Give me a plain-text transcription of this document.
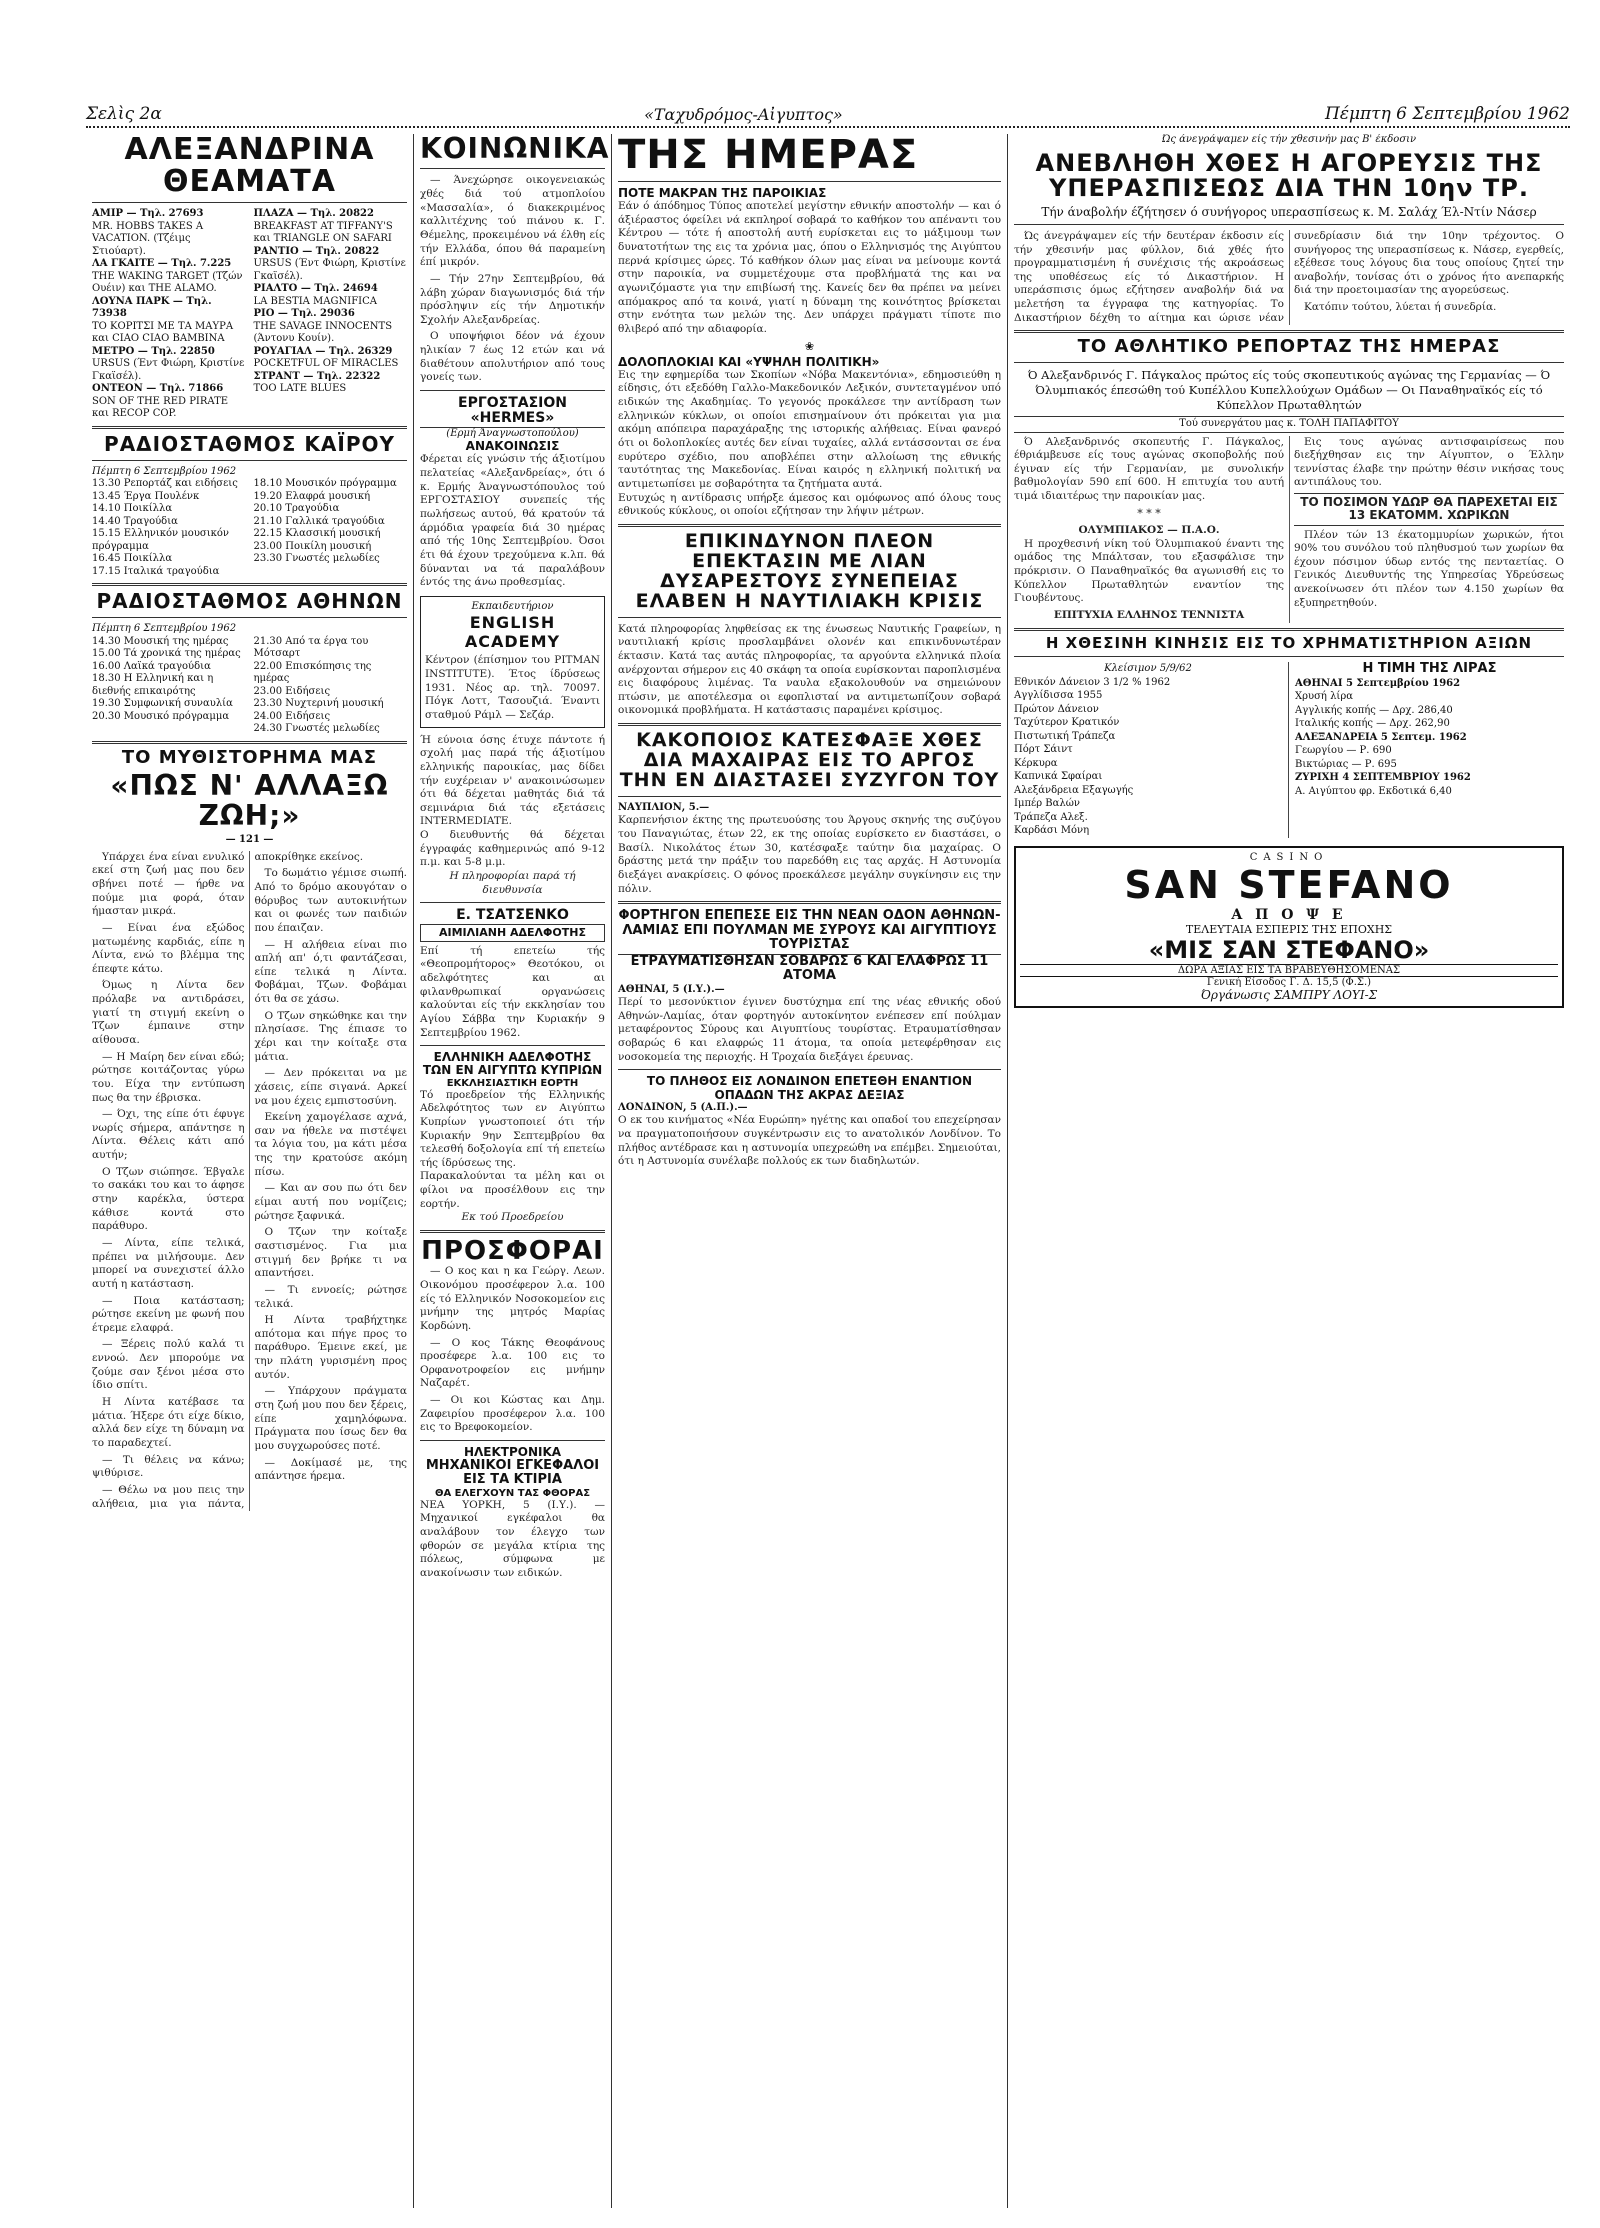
Σελὶς 2α	«Ταχυδρόμος-Αἰγυπτος»	Πέμπτη 6 Σεπτεμβρίου 1962
ΑΛΕΞΑΝΔΡΙΝΑ ΘΕΑΜΑΤΑ
ΑΜΙΡ — Τηλ. 27693
MR. HOBBS TAKES A VACATION. (Τζέιμς Στιούαρτ).
ΛΑ ΓΚΑΙΤΕ — Τηλ. 7.225
THE WAKING TARGET (Τζών Ουέιν) και THE ALAMO.
ΛΟΥΝΑ ΠΑΡΚ — Τηλ. 73938
ΤΟ ΚΟΡΙΤΣΙ ΜΕ ΤΑ ΜΑΥΡΑ και CIAO CIAO BAMBINA
ΜΕΤΡΟ — Τηλ. 22850
URSUS (Έντ Φιώρη, Κριστίνε Γκαϊσέλ).
ΟΝΤΕΟΝ — Τηλ. 71866
SON OF THE RED PIRATE και RECOP COP.
ΠΛΑΖΑ — Τηλ. 20822
BREAKFAST AT TIFFANY'S και TRIANGLE ON SAFARI
ΡΑΝΤΙΟ — Τηλ. 20822
URSUS (Έντ Φιώρη, Κριστίνε Γκαϊσέλ).
ΡΙΑΛΤΟ — Τηλ. 24694
LA BESTIA MAGNIFICA
ΡΙΟ — Τηλ. 29036
THE SAVAGE INNOCENTS (Άντονυ Κουίν).
ΡΟΥΑΓΙΑΛ — Τηλ. 26329
POCKETFUL OF MIRACLES
ΣΤΡΑΝΤ — Τηλ. 22322
TOO LATE BLUES
ΡΑΔΙΟΣΤΑΘΜΟΣ ΚΑΪΡΟΥ
Πέμπτη 6 Σεπτεμβρίου 1962
13.30 Ρεπορτάζ και ειδήσεις
13.45 Έργα Πουλένκ
14.10 Ποικίλλα
14.40 Τραγούδια
15.15 Ελληνικόν μουσικόν πρόγραμμα
16.45 Ποικίλλα
17.15 Ιταλικά τραγούδια
18.10 Μουσικόν πρόγραμμα
19.20 Ελαφρά μουσική
20.10 Τραγούδια
21.10 Γαλλικά τραγούδια
22.15 Κλασσική μουσική
23.00 Ποικίλη μουσική
23.30 Γνωστές μελωδίες
ΡΑΔΙΟΣΤΑΘΜΟΣ ΑΘΗΝΩΝ
Πέμπτη 6 Σεπτεμβρίου 1962
14.30 Μουσική της ημέρας
15.00 Τά χρονικά της ημέρας
16.00 Λαϊκά τραγούδια
18.30 Η Ελληνική και η διεθνής επικαιρότης
19.30 Συμφωνική συναυλία
20.30 Μουσικό πρόγραμμα
21.30 Από τα έργα του Μότσαρτ
22.00 Επισκόπησις της ημέρας
23.00 Ειδήσεις
23.30 Νυχτερινή μουσική
24.00 Ειδήσεις
24.30 Γνωστές μελωδίες
ΤΟ ΜΥΘΙΣΤΟΡΗΜΑ ΜΑΣ
«ΠΩΣ Ν' ΑΛΛΑΞΩ ΖΩΗ;»
— 121 —

Υπάρχει ένα είναι ενυλικό εκεί στη ζωή μας που δεν σβήνει ποτέ — ήρθε να πούμε μια φορά, όταν ήμασταν μικρά.

— Είναι ένα εξώδος ματωμένης καρδιάς, είπε η Λίντα, ενώ το βλέμμα της έπεφτε κάτω.

Όμως η Λίντα δεν πρόλαβε να αντιδράσει, γιατί τη στιγμή εκείνη ο Τζων έμπαινε στην αίθουσα.

— Η Μαίρη δεν είναι εδώ; ρώτησε κοιτάζοντας γύρω του. Είχα την εντύπωση πως θα την έβρισκα.

— Όχι, της είπε ότι έφυγε νωρίς σήμερα, απάντησε η Λίντα. Θέλεις κάτι από αυτήν;

Ο Τζων σιώπησε. Έβγαλε το σακάκι του και το άφησε στην καρέκλα, ύστερα κάθισε κοντά στο παράθυρο.

— Λίντα, είπε τελικά, πρέπει να μιλήσουμε. Δεν μπορεί να συνεχιστεί άλλο αυτή η κατάσταση.

— Ποια κατάσταση; ρώτησε εκείνη με φωνή που έτρεμε ελαφρά.

— Ξέρεις πολύ καλά τι εννοώ. Δεν μπορούμε να ζούμε σαν ξένοι μέσα στο ίδιο σπίτι.

Η Λίντα κατέβασε τα μάτια. Ήξερε ότι είχε δίκιο, αλλά δεν είχε τη δύναμη να το παραδεχτεί.

— Τι θέλεις να κάνω; ψιθύρισε.

— Θέλω να μου πεις την αλήθεια, μια για πάντα, αποκρίθηκε εκείνος.

Το δωμάτιο γέμισε σιωπή. Από το δρόμο ακουγόταν ο θόρυβος των αυτοκινήτων και οι φωνές των παιδιών που έπαιζαν.

— Η αλήθεια είναι πιο απλή απ' ό,τι φαντάζεσαι, είπε τελικά η Λίντα. Φοβάμαι, Τζων. Φοβάμαι ότι θα σε χάσω.

Ο Τζων σηκώθηκε και την πλησίασε. Της έπιασε το χέρι και την κοίταξε στα μάτια.

— Δεν πρόκειται να με χάσεις, είπε σιγανά. Αρκεί να μου έχεις εμπιστοσύνη.

Εκείνη χαμογέλασε αχνά, σαν να ήθελε να πιστέψει τα λόγια του, μα κάτι μέσα της την κρατούσε ακόμη πίσω.

— Και αν σου πω ότι δεν είμαι αυτή που νομίζεις; ρώτησε ξαφνικά.

Ο Τζων την κοίταξε σαστισμένος. Για μια στιγμή δεν βρήκε τι να απαντήσει.

— Τι εννοείς; ρώτησε τελικά.

Η Λίντα τραβήχτηκε απότομα και πήγε προς το παράθυρο. Έμεινε εκεί, με την πλάτη γυρισμένη προς αυτόν.

— Υπάρχουν πράγματα στη ζωή μου που δεν ξέρεις, είπε χαμηλόφωνα. Πράγματα που ίσως δεν θα μου συγχωρούσες ποτέ.

— Δοκίμασέ με, της απάντησε ήρεμα.

ΚΟΙΝΩΝΙΚΑ

— Άνεχώρησε οικογενειακώς χθές διά τού ατμοπλοίου «Μασσαλία», ό διακεκριμένος καλλιτέχνης τού πιάνου κ. Γ. Θέμελης, προκειμένου νά έλθη είς τήν Ελλάδα, όπου θά παραμείνη έπί μικρόν.

— Τήν 27ην Σεπτεμβρίου, θά λάβη χώραν διαγωνισμός διά τήν πρόσληψιν είς τήν Δημοτικήν Σχολήν Αλεξανδρείας.

Ο υποψήφιοι δέον νά έχουν ηλικίαν 7 έως 12 ετών και νά διαθέτουν απολυτήριον από τους γονείς των.

ΕΡΓΟΣΤΑΣΙΟΝ «HERMES»
(Ερμή Άναγνωστοπούλου)
ΑΝΑΚΟΙΝΩΣΙΣ
Φέρεται είς γνώσιν τής άξιοτίμου πελατείας «Αλεξανδρείας», ότι ό κ. Ερμής Άναγνωστόπουλος τού ΕΡΓΟΣΤΑΣΙΟΥ συνεπείς τής πωλήσεως αυτού, θά κρατούν τά άρμόδια γραφεία διά 30 ημέρας από τής 10ης Σεπτεμβρίου. Όσοι έτι θά έχουν τρεχούμενα κ.λπ. θά δύνανται να τά παραλάβουν έντός της άνω προθεσμίας.
Εκπαιδευτήριον
ENGLISH ACADEMY
Κέντρον (έπίσημον του PITMAN INSTITUTE). Έτος ίδρύσεως 1931. Νέος αρ. τηλ. 70097. Πόγκ Λοττ, Τασουζιά. Έναντι σταθμού Ράμλ — Σεζάρ.
Ή εύνοια όσης έτυχε πάντοτε ή σχολή μας παρά τής άξιοτίμου ελληνικής παροικίας, μας δίδει τήν ευχέρειαν ν' ανακοινώσωμεν ότι θά δέχεται μαθητάς διά τά σεμινάρια διά τάς εξετάσεις INTERMEDIATE.
Ο διευθυντής θά δέχεται έγγραφάς καθημερινώς από 9-12 π.μ. και 5-8 μ.μ.
Η πληροφορίαι παρά τή διευθυνσία
Ε. ΤΣΑΤΣΕΝΚΟ
ΑΙΜΙΛΙΑΝΗ ΑΔΕΛΦΟΤΗΣ
Επί τή επετείω τής «Θεοπρομήτορος» Θεοτόκου, οι αδελφότητες και αι φιλανθρωπικαί οργανώσεις καλούνται είς τήν εκκλησίαν του Αγίου Σάββα την Κυριακήν 9 Σεπτεμβρίου 1962.
ΕΛΛΗΝΙΚΗ ΑΔΕΛΦΟΤΗΣ ΤΩΝ ΕΝ ΑΙΓΥΠΤΩ ΚΥΠΡΙΩΝ
ΕΚΚΛΗΣΙΑΣΤΙΚΗ ΕΟΡΤΗ
Τό προεδρείον τής Ελληνικής Αδελφότητος των εν Αιγύπτω Κυπρίων γνωστοποιεί ότι τήν Κυριακήν 9ην Σεπτεμβρίου θα τελεσθή δοξολογία επί τή επετείω τής ίδρύσεως της.
Παρακαλούνται τα μέλη και οι φίλοι να προσέλθουν εις την εορτήν.
Εκ τού Προεδρείου
ΠΡΟΣΦΟΡΑΙ

— Ο κος και η κα Γεώργ. Λεων. Οικονόμου προσέφερον λ.α. 100 είς τό Ελληνικόν Νοσοκομείον εις μνήμην της μητρός Μαρίας Κορδώνη.

— Ο κος Τάκης Θεοφάνους προσέφερε λ.α. 100 εις το Ορφανοτροφείον εις μνήμην Ναζαρέτ.

— Οι κοι Κώστας και Δημ. Ζαφειρίου προσέφερον λ.α. 100 εις το Βρεφοκομείον.

ΗΛΕΚΤΡΟΝΙΚΑ
ΜΗΧΑΝΙΚΟΙ ΕΓΚΕΦΑΛΟΙ ΕΙΣ ΤΑ ΚΤΙΡΙΑ
ΘΑ ΕΛΕΓΧΟΥΝ ΤΑΣ ΦΘΟΡΑΣ
ΝΕΑ ΥΟΡΚΗ, 5 (Ι.Υ.). — Μηχανικοί εγκέφαλοι θα αναλάβουν τον έλεγχο των φθορών σε μεγάλα κτίρια της πόλεως, σύμφωνα με ανακοίνωσιν των ειδικών.
ΤΗΣ ΗΜΕΡΑΣ
ΠΟΤΕ ΜΑΚΡΑΝ ΤΗΣ ΠΑΡΟΙΚΙΑΣ
Εάν ό άπόδημος Τύπος αποτελεί μεγίστην εθνικήν αποστολήν — και ό άξιέραστος όφείλει νά εκπληροί σοβαρά το καθήκον του απέναντι του Κέντρου — τότε ή αποστολή αυτή ευρίσκεται εις το μάξιμουμ των δυνατοτήτων της εις τα χρόνια μας, όπου ο Ελληνισμός της Αιγύπτου περνά κρίσιμες ώρες. Τό καθήκον όλων μας είναι να μείνουμε κοντά στην παροικία, να συμμετέχουμε στα προβλήματά της και να αγωνιζόμαστε για την επιβίωσή της. Κανείς δεν θα πρέπει να μείνει απόμακρος από τα κοινά, γιατί η δύναμη της κοινότητος βρίσκεται στην ενότητα των μελών της. Δεν υπάρχει πράγματι τίποτε πιο θλιβερό από την αδιαφορία.
❀
ΔΟΛΟΠΛΟΚΙΑΙ ΚΑΙ «ΥΨΗΛΗ ΠΟΛΙΤΙΚΗ»
Εις την εφημερίδα των Σκοπίων «Νόβα Μακεντόνια», εδημοσιεύθη η είδησις, ότι εξεδόθη Γαλλο-Μακεδονικόν Λεξικόν, συντεταγμένον υπό ειδικών της Ακαδημίας. Το γεγονός προκάλεσε την αντίδραση των ελληνικών κύκλων, οι οποίοι επισημαίνουν ότι πρόκειται για μια ακόμη απόπειρα παραχάραξης της ιστορικής αλήθειας. Είναι φανερό ότι οι δολοπλοκίες αυτές δεν είναι τυχαίες, αλλά εντάσσονται σε ένα ευρύτερο σχέδιο, που αποβλέπει στην αλλοίωση της εθνικής ταυτότητας της Μακεδονίας. Είναι καιρός η ελληνική πολιτική να αντιμετωπίσει με σοβαρότητα τα ζητήματα αυτά.
Ευτυχώς η αντίδρασις υπήρξε άμεσος και ομόφωνος από όλους τους εθνικούς κύκλους, οι οποίοι εζήτησαν την λήψιν μέτρων.
ΕΠΙΚΙΝΔΥΝΟΝ ΠΛΕΟΝ ΕΠΕΚΤΑΣΙΝ ΜΕ ΛΙΑΝ ΔΥΣΑΡΕΣΤΟΥΣ ΣΥΝΕΠΕΙΑΣ ΕΛΑΒΕΝ Η ΝΑΥΤΙΛΙΑΚΗ ΚΡΙΣΙΣ
Κατά πληροφορίας ληφθείσας εκ της ένωσεως Ναυτικής Γραφείων, η ναυτιλιακή κρίσις προσλαμβάνει ολονέν και επικινδυνωτέραν έκτασιν. Κατά τας αυτάς πληροφορίας, τα αργούντα ελληνικά πλοία ανέρχονται σήμερον εις 40 σκάφη τα οποία ευρίσκονται παροπλισμένα εις διαφόρους λιμένας. Τα ναυλα εξακολουθούν να σημειώνουν πτώσιν, με αποτέλεσμα οι εφοπλισταί να αντιμετωπίζουν σοβαρά οικονομικά προβλήματα. Η κατάστασις παραμένει κρίσιμος.
ΚΑΚΟΠΟΙΟΣ ΚΑΤΕΣΦΑΞΕ ΧΘΕΣ ΔΙΑ ΜΑΧΑΙΡΑΣ ΕΙΣ ΤΟ ΑΡΓΟΣ ΤΗΝ ΕΝ ΔΙΑΣΤΑΣΕΙ ΣΥΖΥΓΟΝ ΤΟΥ
ΝΑΥΠΛΙΟΝ, 5.—
Καρπενήσιον έκτης της πρωτευούσης του Άργους σκηνής της συζύγου του Παναγιώτας, έτων 22, εκ της οποίας ευρίσκετο εν διαστάσει, ο Βασίλ. Νικολάτος έτων 30, κατέσφαξε ταύτην δια μαχαίρας. Ο δράστης μετά την πράξιν του παρεδόθη εις τας αρχάς. Η Αστυνομία διεξάγει ανακρίσεις. Ο φόνος προεκάλεσε μεγάλην συγκίνησιν εις την πόλιν.
ΦΟΡΤΗΓΟΝ ΕΠΕΠΕΣΕ ΕΙΣ ΤΗΝ ΝΕΑΝ ΟΔΟΝ ΑΘΗΝΩΝ-ΛΑΜΙΑΣ ΕΠΙ ΠΟΥΛΜΑΝ ΜΕ ΣΥΡΟΥΣ ΚΑΙ ΑΙΓΥΠΤΙΟΥΣ ΤΟΥΡΙΣΤΑΣ
ΕΤΡΑΥΜΑΤΙΣΘΗΣΑΝ ΣΟΒΑΡΩΣ 6 ΚΑΙ ΕΛΑΦΡΩΣ 11 ΑΤΟΜΑ
ΑΘΗΝΑΙ, 5 (Ι.Υ.).—
Περί το μεσονύκτιον έγινεν δυστύχημα επί της νέας εθνικής οδού Αθηνών-Λαμίας, όταν φορτηγόν αυτοκίνητον ενέπεσεν επί πούλμαν μεταφέροντος Σύρους και Αιγυπτίους τουρίστας. Ετραυματίσθησαν σοβαρώς 6 και ελαφρώς 11 άτομα, τα οποία μετεφέρθησαν εις νοσοκομεία της περιοχής. Η Τροχαία διεξάγει έρευνας.
ΤΟ ΠΛΗΘΟΣ ΕΙΣ ΛΟΝΔΙΝΟΝ ΕΠΕΤΕΘΗ ΕΝΑΝΤΙΟΝ ΟΠΑΔΩΝ ΤΗΣ ΑΚΡΑΣ ΔΕΞΙΑΣ
ΛΟΝΔΙΝΟΝ, 5 (Α.Π.).—
Ο εκ του κινήματος «Νέα Ευρώπη» ηγέτης και οπαδοί του επεχείρησαν να πραγματοποιήσουν συγκέντρωσιν εις το ανατολικόν Λονδίνον. Το πλήθος αντέδρασε και η αστυνομία υπεχρεώθη να επέμβει. Σημειούται, ότι η Αστυνομία συνέλαβε πολλούς εκ των διαδηλωτών.
Ώς άνεγράψαμεν είς τήν χθεσινήν μας Β' έκδοσιν
ΑΝΕΒΛΗΘΗ ΧΘΕΣ Η ΑΓΟΡΕΥΣΙΣ ΤΗΣ ΥΠΕΡΑΣΠΙΣΕΩΣ ΔΙΑ ΤΗΝ 10ην ΤΡ.
Τήν άναβολήν έζήτησεν ό συνήγορος υπερασπίσεως κ. Μ. Σαλάχ Έλ-Ντίν Νάσερ

Ώς άνεγράψαμεν είς τήν δευτέραν έκδοσιν είς τήν χθεσινήν μας φύλλον, διά χθές ήτο προγραμματισμένη ή συνέχισις τής ακροάσεως της υποθέσεως είς τό Δικαστήριον. Η υπεράσπισις όμως εζήτησεν αναβολήν διά να μελετήση τα έγγραφα της κατηγορίας. Το Δικαστήριον δέχθη το αίτημα και ώρισε νέαν συνεδρίασιν διά την 10ην τρέχοντος. Ο συνήγορος της υπερασπίσεως κ. Νάσερ, εγερθείς, εξέθεσε τους λόγους δια τους οποίους ζητεί την αναβολήν, τονίσας ότι ο χρόνος ήτο ανεπαρκής διά την προετοιμασίαν της αγορεύσεως.

Κατόπιν τούτου, λύεται ή συνεδρία.

ΤΟ ΑΘΛΗΤΙΚΟ ΡΕΠΟΡΤΑΖ ΤΗΣ ΗΜΕΡΑΣ
Ό Αλεξανδρινός Γ. Πάγκαλος πρώτος είς τούς σκοπευτικούς αγώνας της Γερμανίας — Ό Όλυμπιακός έπεσώθη τού Κυπέλλου Κυπελλούχων Ομάδων — Οι Παναθηναϊκός είς τό Κύπελλον Πρωταθλητών
Τού συνεργάτου μας κ. ΤΟΛΗ ΠΑΠΑΦΙΤΟΥ

Ό Αλεξανδρινός σκοπευτής Γ. Πάγκαλος, έθριάμβευσε είς τους αγώνας σκοποβολής πού έγιναν είς τήν Γερμανίαν, με συνολικήν βαθμολογίαν 590 επί 600. Η επιτυχία του αυτή τιμά ιδιαιτέρως την παροικίαν μας.

* * *
ΟΛΥΜΠΙΑΚΟΣ — Π.Α.Ο.

Η προχθεσινή νίκη τού Όλυμπιακού έναντι της ομάδος της Μπάλτσαν, του εξασφάλισε την πρόκρισιν. Ο Παναθηναϊκός θα αγωνισθή εις το Κύπελλον Πρωταθλητών εναντίον της Γιουβέντους.

ΕΠΙΤΥΧΙΑ ΕΛΛΗΝΟΣ ΤΕΝΝΙΣΤΑ

Εις τους αγώνας αντισφαιρίσεως που διεξήχθησαν εις την Αίγυπτον, ο Έλλην τεννίστας έλαβε την πρώτην θέσιν νικήσας τους αντιπάλους του.

ΤΟ ΠΟΣΙΜΟΝ ΥΔΩΡ ΘΑ ΠΑΡΕΧΕΤΑΙ ΕΙΣ 13 ΕΚΑΤΟΜΜ. ΧΩΡΙΚΩΝ

Πλέον τών 13 έκατομμυρίων χωρικών, ήτοι 90% του συνόλου τού πληθυσμού των χωρίων θα έχουν πόσιμον ύδωρ εντός της πενταετίας. Ο Γενικός Διευθυντής της Υπηρεσίας Υδρεύσεως ανεκοίνωσεν ότι πλέον των 4.150 χωρίων θα εξυπηρετηθούν.

Η ΧΘΕΣΙΝΗ ΚΙΝΗΣΙΣ ΕΙΣ ΤΟ ΧΡΗΜΑΤΙΣΤΗΡΙΟΝ ΑΞΙΩΝ
Κλείσιμον 5/9/62
Εθνικόν Δάνειον 3 1/2 % 1962
Αγγλίδισσα 1955
Πρώτον Δάνειον
Ταχύτερον Κρατικόν
Πιστωτική Τράπεζα
Πόρτ Σάιντ
Κέρκυρα
Καπνικά Σφαίραι
Αλεξάνδρεια Εξαγωγής
Ιμπέρ Βαλών
Τράπεζα Αλεξ.
Καρδάσι Μόνη
Η ΤΙΜΗ ΤΗΣ ΛΙΡΑΣ
ΑΘΗΝΑΙ 5 Σεπτεμβρίου 1962
Χρυσή λίρα
Αγγλικής κοπής — Δρχ. 286,40
Ιταλικής κοπής — Δρχ. 262,90
ΑΛΕΞΑΝΔΡΕΙΑ 5 Σεπτεμ. 1962
Γεωργίου — Ρ. 690
Βικτώριας — Ρ. 695
ΖΥΡΙΧΗ 4 ΣΕΠΤΕΜΒΡΙΟΥ 1962
Α. Αιγύπτου φρ. Εκδοτικά 6,40
CASINO
SAN STEFANO
Α Π Ο Ψ Ε
ΤΕΛΕΥΤΑΙΑ ΕΣΠΕΡΙΣ ΤΗΣ ΕΠΟΧΗΣ
«ΜΙΣ ΣΑΝ ΣΤΕΦΑΝΟ»
ΔΩΡΑ ΑΞΙΑΣ ΕΙΣ ΤΑ ΒΡΑΒΕΥΘΗΣΟΜΕΝΑΣ
Γενική Είσοδος Γ. Δ. 15,5 (Φ.Σ.)
Όργάνωσις ΣΑΜΠΡΥ ΛΟΥΙ-Σ
